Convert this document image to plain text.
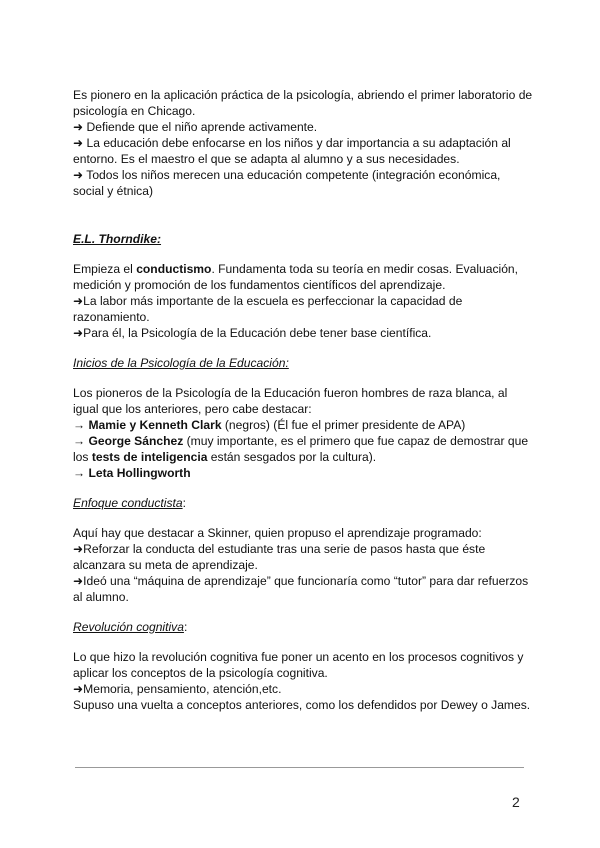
Es pionero en la aplicación práctica de la psicología, abriendo el primer laboratorio de psicología en Chicago.

➜ Defiende que el niño aprende activamente.

➜ La educación debe enfocarse en los niños y dar importancia a su adaptación al entorno. Es el maestro el que se adapta al alumno y a sus necesidades.

➜ Todos los niños merecen una educación competente (integración económica, social y étnica)

E.L. Thorndike:

Empieza el conductismo. Fundamenta toda su teoría en medir cosas. Evaluación, medición y promoción de los fundamentos científicos del aprendizaje.

➜La labor más importante de la escuela es perfeccionar la capacidad de razonamiento.

➜Para él, la Psicología de la Educación debe tener base científica.

Inicios de la Psicología de la Educación:

Los pioneros de la Psicología de la Educación fueron hombres de raza blanca, al igual que los anteriores, pero cabe destacar:

→ Mamie y Kenneth Clark (negros) (Él fue el primer presidente de APA)

→ George Sánchez (muy importante, es el primero que fue capaz de demostrar que los tests de inteligencia están sesgados por la cultura).

→ Leta Hollingworth

Enfoque conductista:

Aquí hay que destacar a Skinner, quien propuso el aprendizaje programado:

➜Reforzar la conducta del estudiante tras una serie de pasos hasta que éste alcanzara su meta de aprendizaje.

➜Ideó una “máquina de aprendizaje” que funcionaría como “tutor” para dar refuerzos al alumno.

Revolución cognitiva:

Lo que hizo la revolución cognitiva fue poner un acento en los procesos cognitivos y aplicar los conceptos de la psicología cognitiva.

➜Memoria, pensamiento, atención,etc.

Supuso una vuelta a conceptos anteriores, como los defendidos por Dewey o James.

2
